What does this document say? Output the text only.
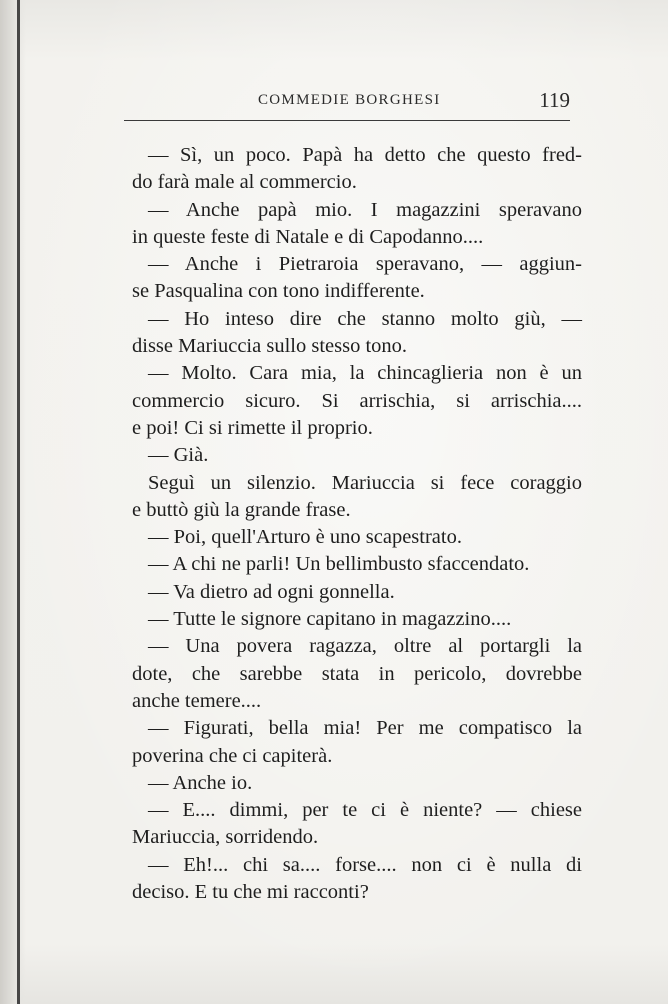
COMMEDIE BORGHESI	119
— Sì, un poco. Papà ha detto che questo fred-
do farà male al commercio.
— Anche papà mio. I magazzini speravano
in queste feste di Natale e di Capodanno....
— Anche i Pietraroia speravano, — aggiun-
se Pasqualina con tono indifferente.
— Ho inteso dire che stanno molto giù, —
disse Mariuccia sullo stesso tono.
— Molto. Cara mia, la chincaglieria non è un
commercio sicuro. Si arrischia, si arrischia....
e poi! Ci si rimette il proprio.
— Già.
Seguì un silenzio. Mariuccia si fece coraggio
e buttò giù la grande frase.
— Poi, quell'Arturo è uno scapestrato.
— A chi ne parli! Un bellimbusto sfaccendato.
— Va dietro ad ogni gonnella.
— Tutte le signore capitano in magazzino....
— Una povera ragazza, oltre al portargli la
dote, che sarebbe stata in pericolo, dovrebbe
anche temere....
— Figurati, bella mia! Per me compatisco la
poverina che ci capiterà.
— Anche io.
— E.... dimmi, per te ci è niente? — chiese
Mariuccia, sorridendo.
— Eh!... chi sa.... forse.... non ci è nulla di
deciso. E tu che mi racconti?
